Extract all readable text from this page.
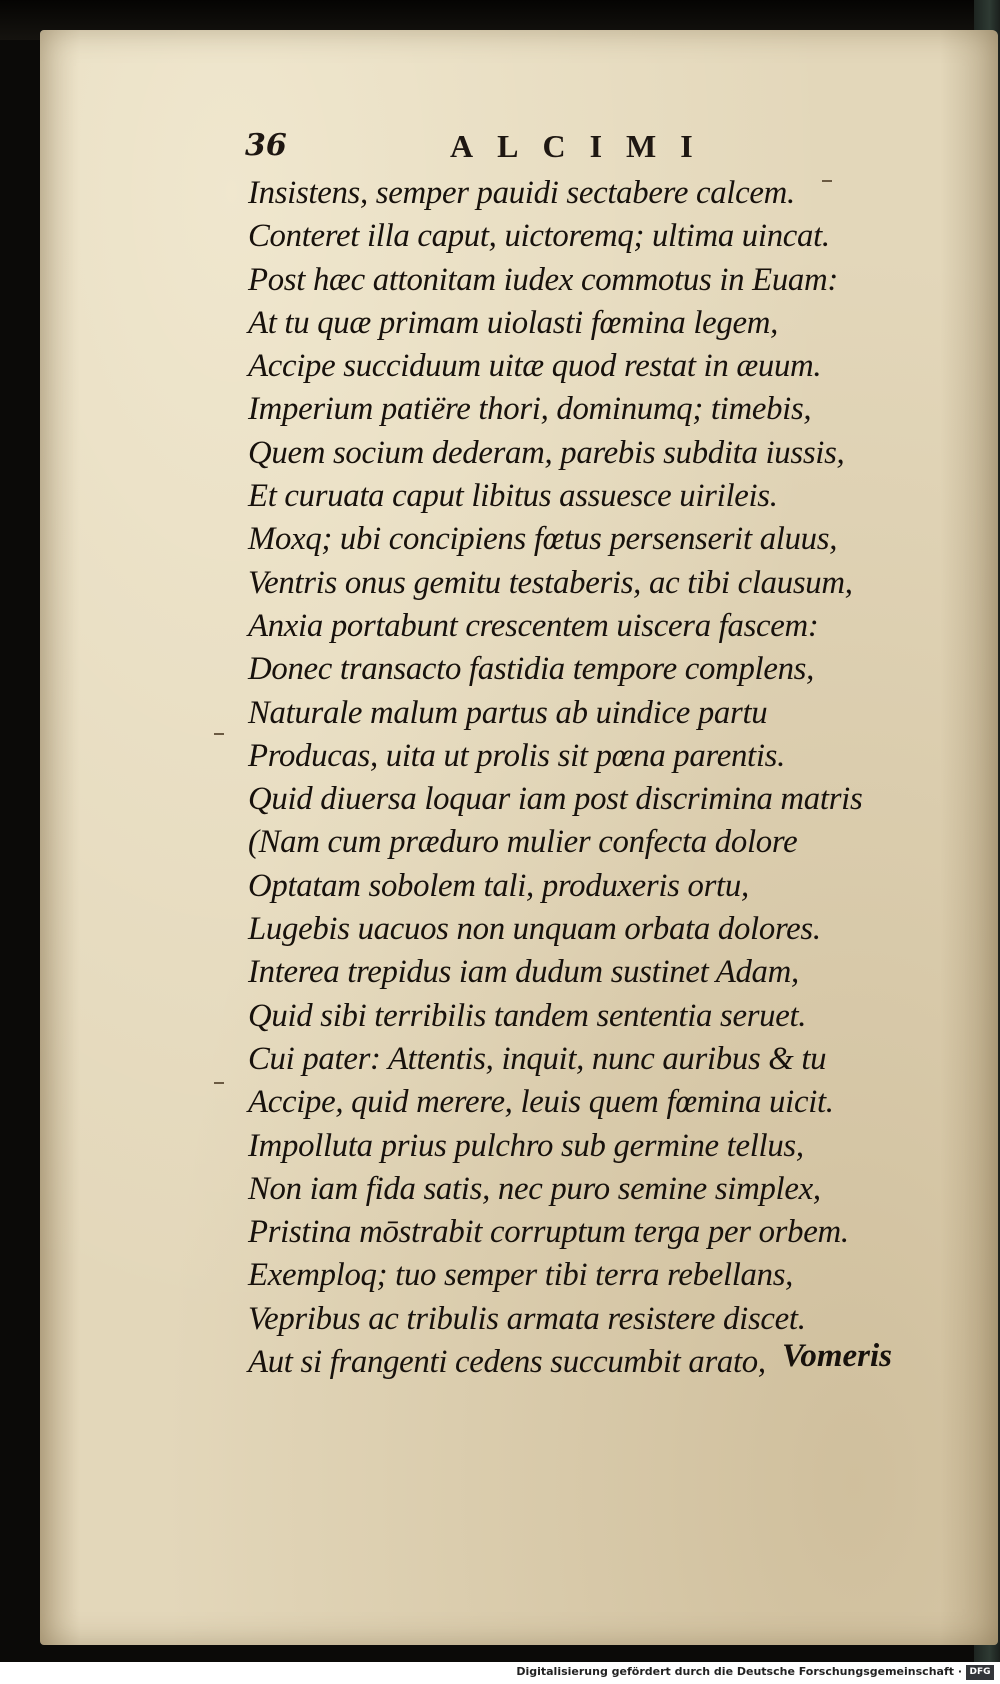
36	ALCIMI
Insistens, semper pauidi sectabere calcem.
Conteret illa caput, uictoremq; ultima uincat.
Post hæc attonitam iudex commotus in Euam:
At tu quæ primam uiolasti fœmina legem,
Accipe succiduum uitæ quod restat in æuum.
Imperium patiëre thori, dominumq; timebis,
Quem socium dederam, parebis subdita iussis,
Et curuata caput libitus assuesce uirileis.
Moxq; ubi concipiens fœtus persenserit aluus,
Ventris onus gemitu testaberis, ac tibi clausum,
Anxia portabunt crescentem uiscera fascem:
Donec transacto fastidia tempore complens,
Naturale malum partus ab uindice partu
Producas, uita ut prolis sit pœna parentis.
Quid diuersa loquar iam post discrimina matris
(Nam cum præduro mulier confecta dolore
Optatam sobolem tali, produxeris ortu,
Lugebis uacuos non unquam orbata dolores.
Interea trepidus iam dudum sustinet Adam,
Quid sibi terribilis tandem sententia seruet.
Cui pater: Attentis, inquit, nunc auribus & tu
Accipe, quid merere, leuis quem fœmina uicit.
Impolluta prius pulchro sub germine tellus,
Non iam fida satis, nec puro semine simplex,
Pristina mōstrabit corruptum terga per orbem.
Exemploq; tuo semper tibi terra rebellans,
Vepribus ac tribulis armata resistere discet.
Aut si frangenti cedens succumbit arato, Vomeris
Digitalisierung gefördert durch die Deutsche Forschungsgemeinschaft · DFG
